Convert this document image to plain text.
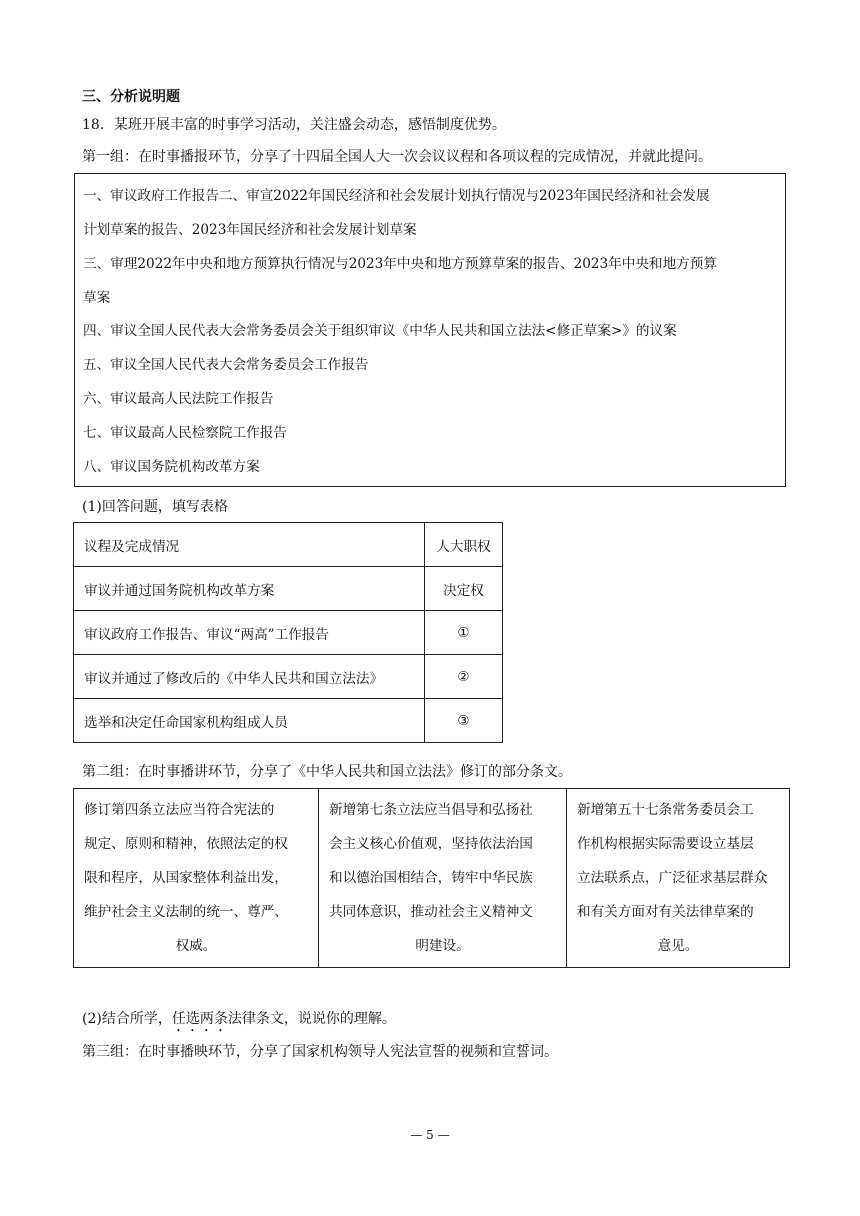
三、分析说明题
18．某班开展丰富的时事学习活动，关注盛会动态，感悟制度优势。
第一组：在时事播报环节，分享了十四届全国人大一次会议议程和各项议程的完成情况，并就此提问。
一、审议政府工作报告二、审宣2022年国民经济和社会发展计划执行情况与2023年国民经济和社会发展
计划草案的报告、2023年国民经济和社会发展计划草案
三、审理2022年中央和地方预算执行情况与2023年中央和地方预算草案的报告、2023年中央和地方预算
草案
四、审议全国人民代表大会常务委员会关于组织审议《中华人民共和国立法法<修正草案>》的议案
五、审议全国人民代表大会常务委员会工作报告
六、审议最高人民法院工作报告
七、审议最高人民检察院工作报告
八、审议国务院机构改革方案
(1)回答问题，填写表格
议程及完成情况	人大职权
审议并通过国务院机构改革方案	决定权
审议政府工作报告、审议“两高”工作报告	①
审议并通过了修改后的《中华人民共和国立法法》	②
选举和决定任命国家机构组成人员	③
第二组：在时事播讲环节，分享了《中华人民共和国立法法》修订的部分条文。
修订第四条立法应当符合宪法的
规定、原则和精神，依照法定的权
限和程序，从国家整体利益出发，
维护社会主义法制的统一、尊严、
权威。

新增第七条立法应当倡导和弘扬社
会主义核心价值观，坚持依法治国
和以德治国相结合，铸牢中华民族
共同体意识，推动社会主义精神文
明建设。

新增第五十七条常务委员会工
作机构根据实际需要设立基层
立法联系点，广泛征求基层群众
和有关方面对有关法律草案的
意见。
(2)结合所学，任选两条法律条文，说说你的理解。
第三组：在时事播映环节，分享了国家机构领导人宪法宣誓的视频和宣誓词。
— 5 —
